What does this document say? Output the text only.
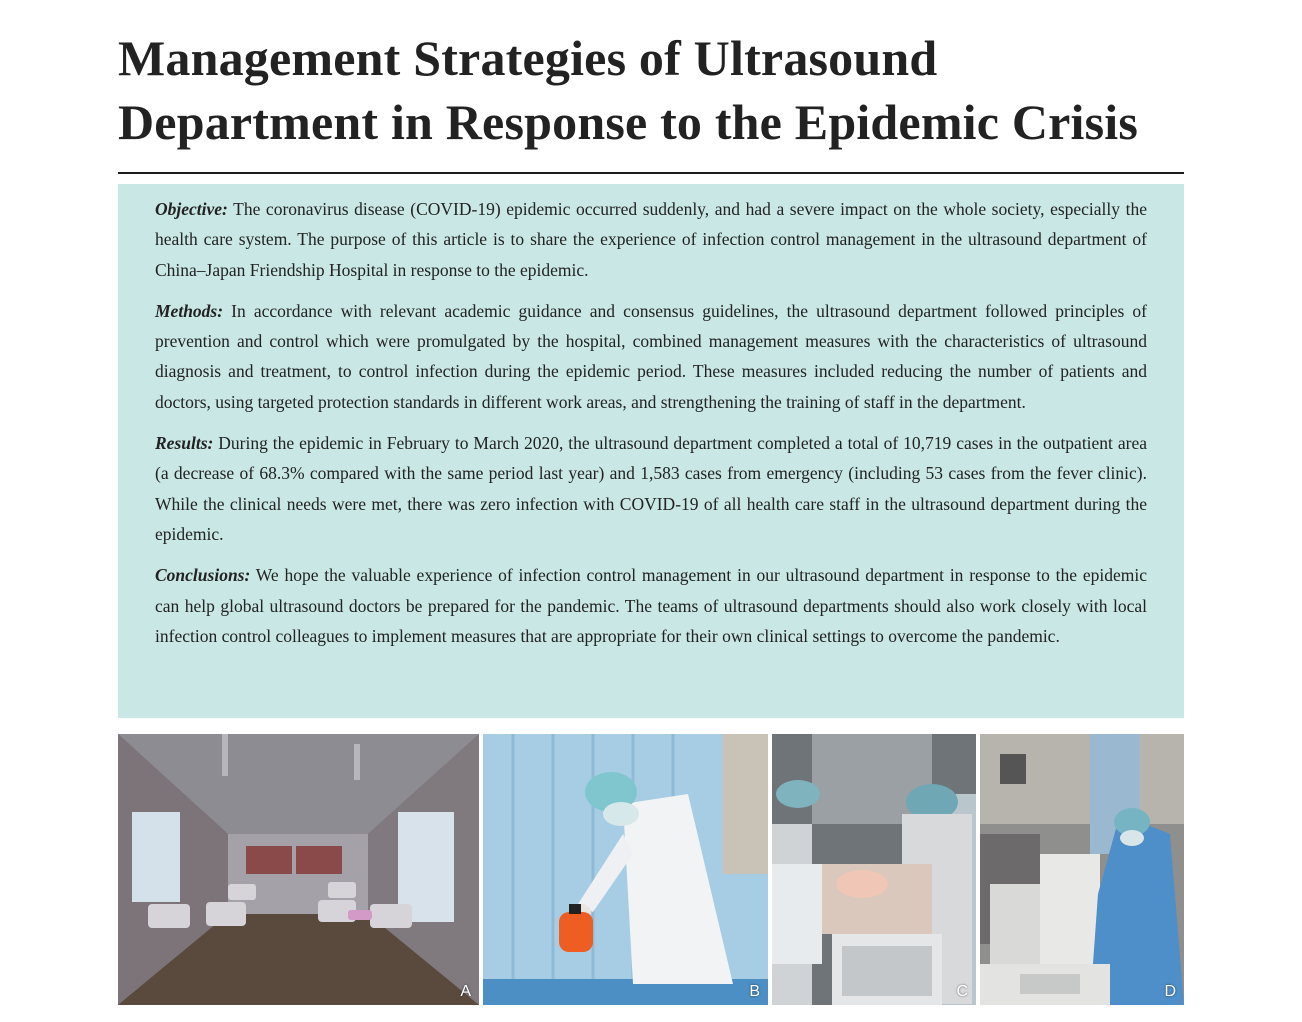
Management Strategies of Ultrasound Department in Response to the Epidemic Crisis

Objective: The coronavirus disease (COVID-19) epidemic occurred suddenly, and had a severe impact on the whole society, especially the health care system. The purpose of this article is to share the experience of infection control management in the ultrasound department of China–Japan Friendship Hospital in response to the epidemic.

Methods: In accordance with relevant academic guidance and consensus guidelines, the ultrasound department followed principles of prevention and control which were promulgated by the hospital, combined management measures with the characteristics of ultrasound diagnosis and treatment, to control infection during the epidemic period. These measures included reducing the number of patients and doctors, using targeted protection standards in different work areas, and strengthening the training of staff in the department.

Results: During the epidemic in February to March 2020, the ultrasound department completed a total of 10,719 cases in the outpatient area (a decrease of 68.3% compared with the same period last year) and 1,583 cases from emergency (including 53 cases from the fever clinic). While the clinical needs were met, there was zero infection with COVID-19 of all health care staff in the ultrasound department during the epidemic.

Conclusions: We hope the valuable experience of infection control management in our ultrasound department in response to the epidemic can help global ultrasound doctors be prepared for the pandemic. The teams of ultrasound departments should also work closely with local infection control colleagues to implement measures that are appropriate for their own clinical settings to overcome the pandemic.

A	B	C	D
